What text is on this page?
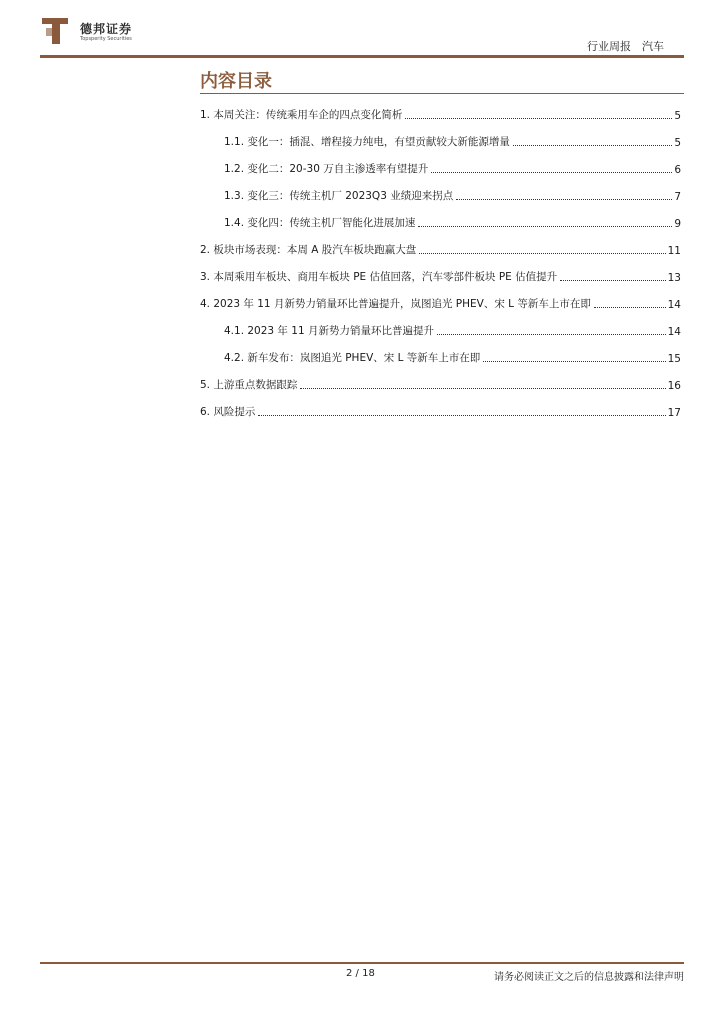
德邦证券
Topsperity Securities
行业周报　汽车
内容目录
1. 本周关注：传统乘用车企的四点变化简析	5
1.1. 变化一：插混、增程接力纯电，有望贡献较大新能源增量	5
1.2. 变化二：20-30 万自主渗透率有望提升	6
1.3. 变化三：传统主机厂 2023Q3 业绩迎来拐点	7
1.4. 变化四：传统主机厂智能化进展加速	9
2. 板块市场表现：本周 A 股汽车板块跑赢大盘	11
3. 本周乘用车板块、商用车板块 PE 估值回落，汽车零部件板块 PE 估值提升	13
4. 2023 年 11 月新势力销量环比普遍提升，岚图追光 PHEV、宋 L 等新车上市在即	14
4.1. 2023 年 11 月新势力销量环比普遍提升	14
4.2. 新车发布：岚图追光 PHEV、宋 L 等新车上市在即	15
5. 上游重点数据跟踪	16
6. 风险提示	17
2 / 18	请务必阅读正文之后的信息披露和法律声明
